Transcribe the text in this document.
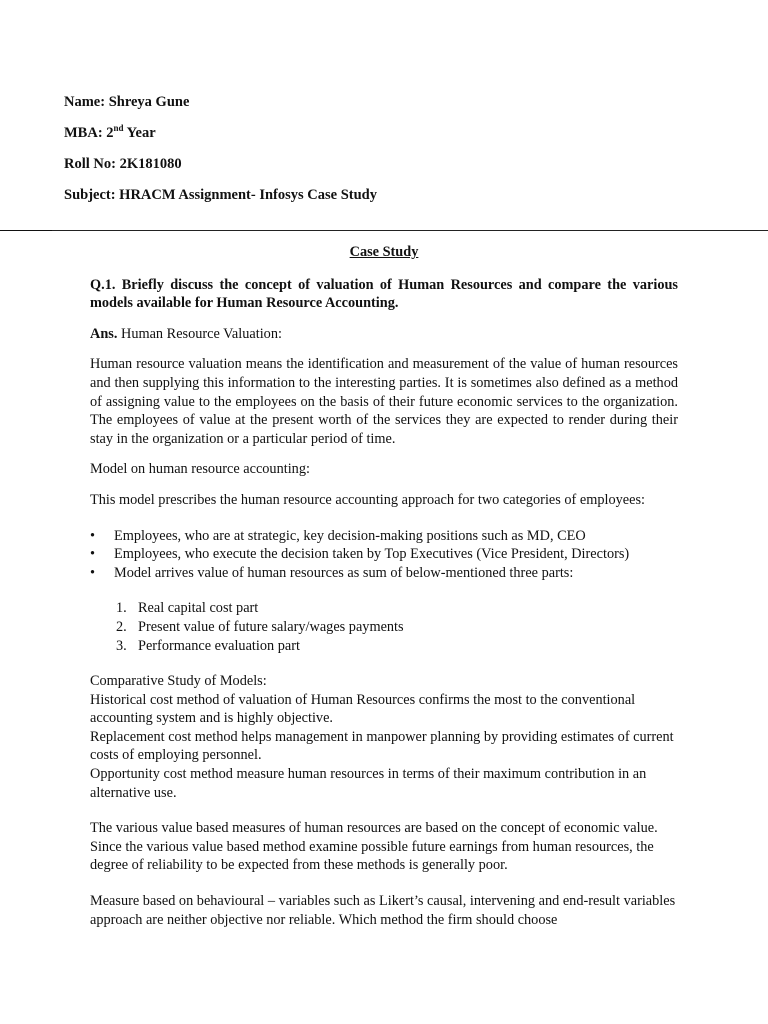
Name: Shreya Gune
MBA: 2nd Year
Roll No: 2K181080
Subject: HRACM Assignment- Infosys Case Study
Case Study

Q.1. Briefly discuss the concept of valuation of Human Resources and compare the various models available for Human Resource Accounting.

Ans. Human Resource Valuation:

Human resource valuation means the identification and measurement of the value of human resources and then supplying this information to the interesting parties. It is sometimes also defined as a method of assigning value to the employees on the basis of their future economic services to the organization. The employees of value at the present worth of the services they are expected to render during their stay in the organization or a particular period of time.

Model on human resource accounting:

This model prescribes the human resource accounting approach for two categories of employees:

• Employees, who are at strategic, key decision-making positions such as MD, CEO
• Employees, who execute the decision taken by Top Executives (Vice President, Directors)
• Model arrives value of human resources as sum of below-mentioned three parts:
1. Real capital cost part
2. Present value of future salary/wages payments
3. Performance evaluation part

Comparative Study of Models:

Historical cost method of valuation of Human Resources confirms the most to the conventional accounting system and is highly objective.

Replacement cost method helps management in manpower planning by providing estimates of current costs of employing personnel.

Opportunity cost method measure human resources in terms of their maximum contribution in an alternative use.

The various value based measures of human resources are based on the concept of economic value. Since the various value based method examine possible future earnings from human resources, the degree of reliability to be expected from these methods is generally poor.

Measure based on behavioural – variables such as Likert’s causal, intervening and end-result variables approach are neither objective nor reliable. Which method the firm should choose
